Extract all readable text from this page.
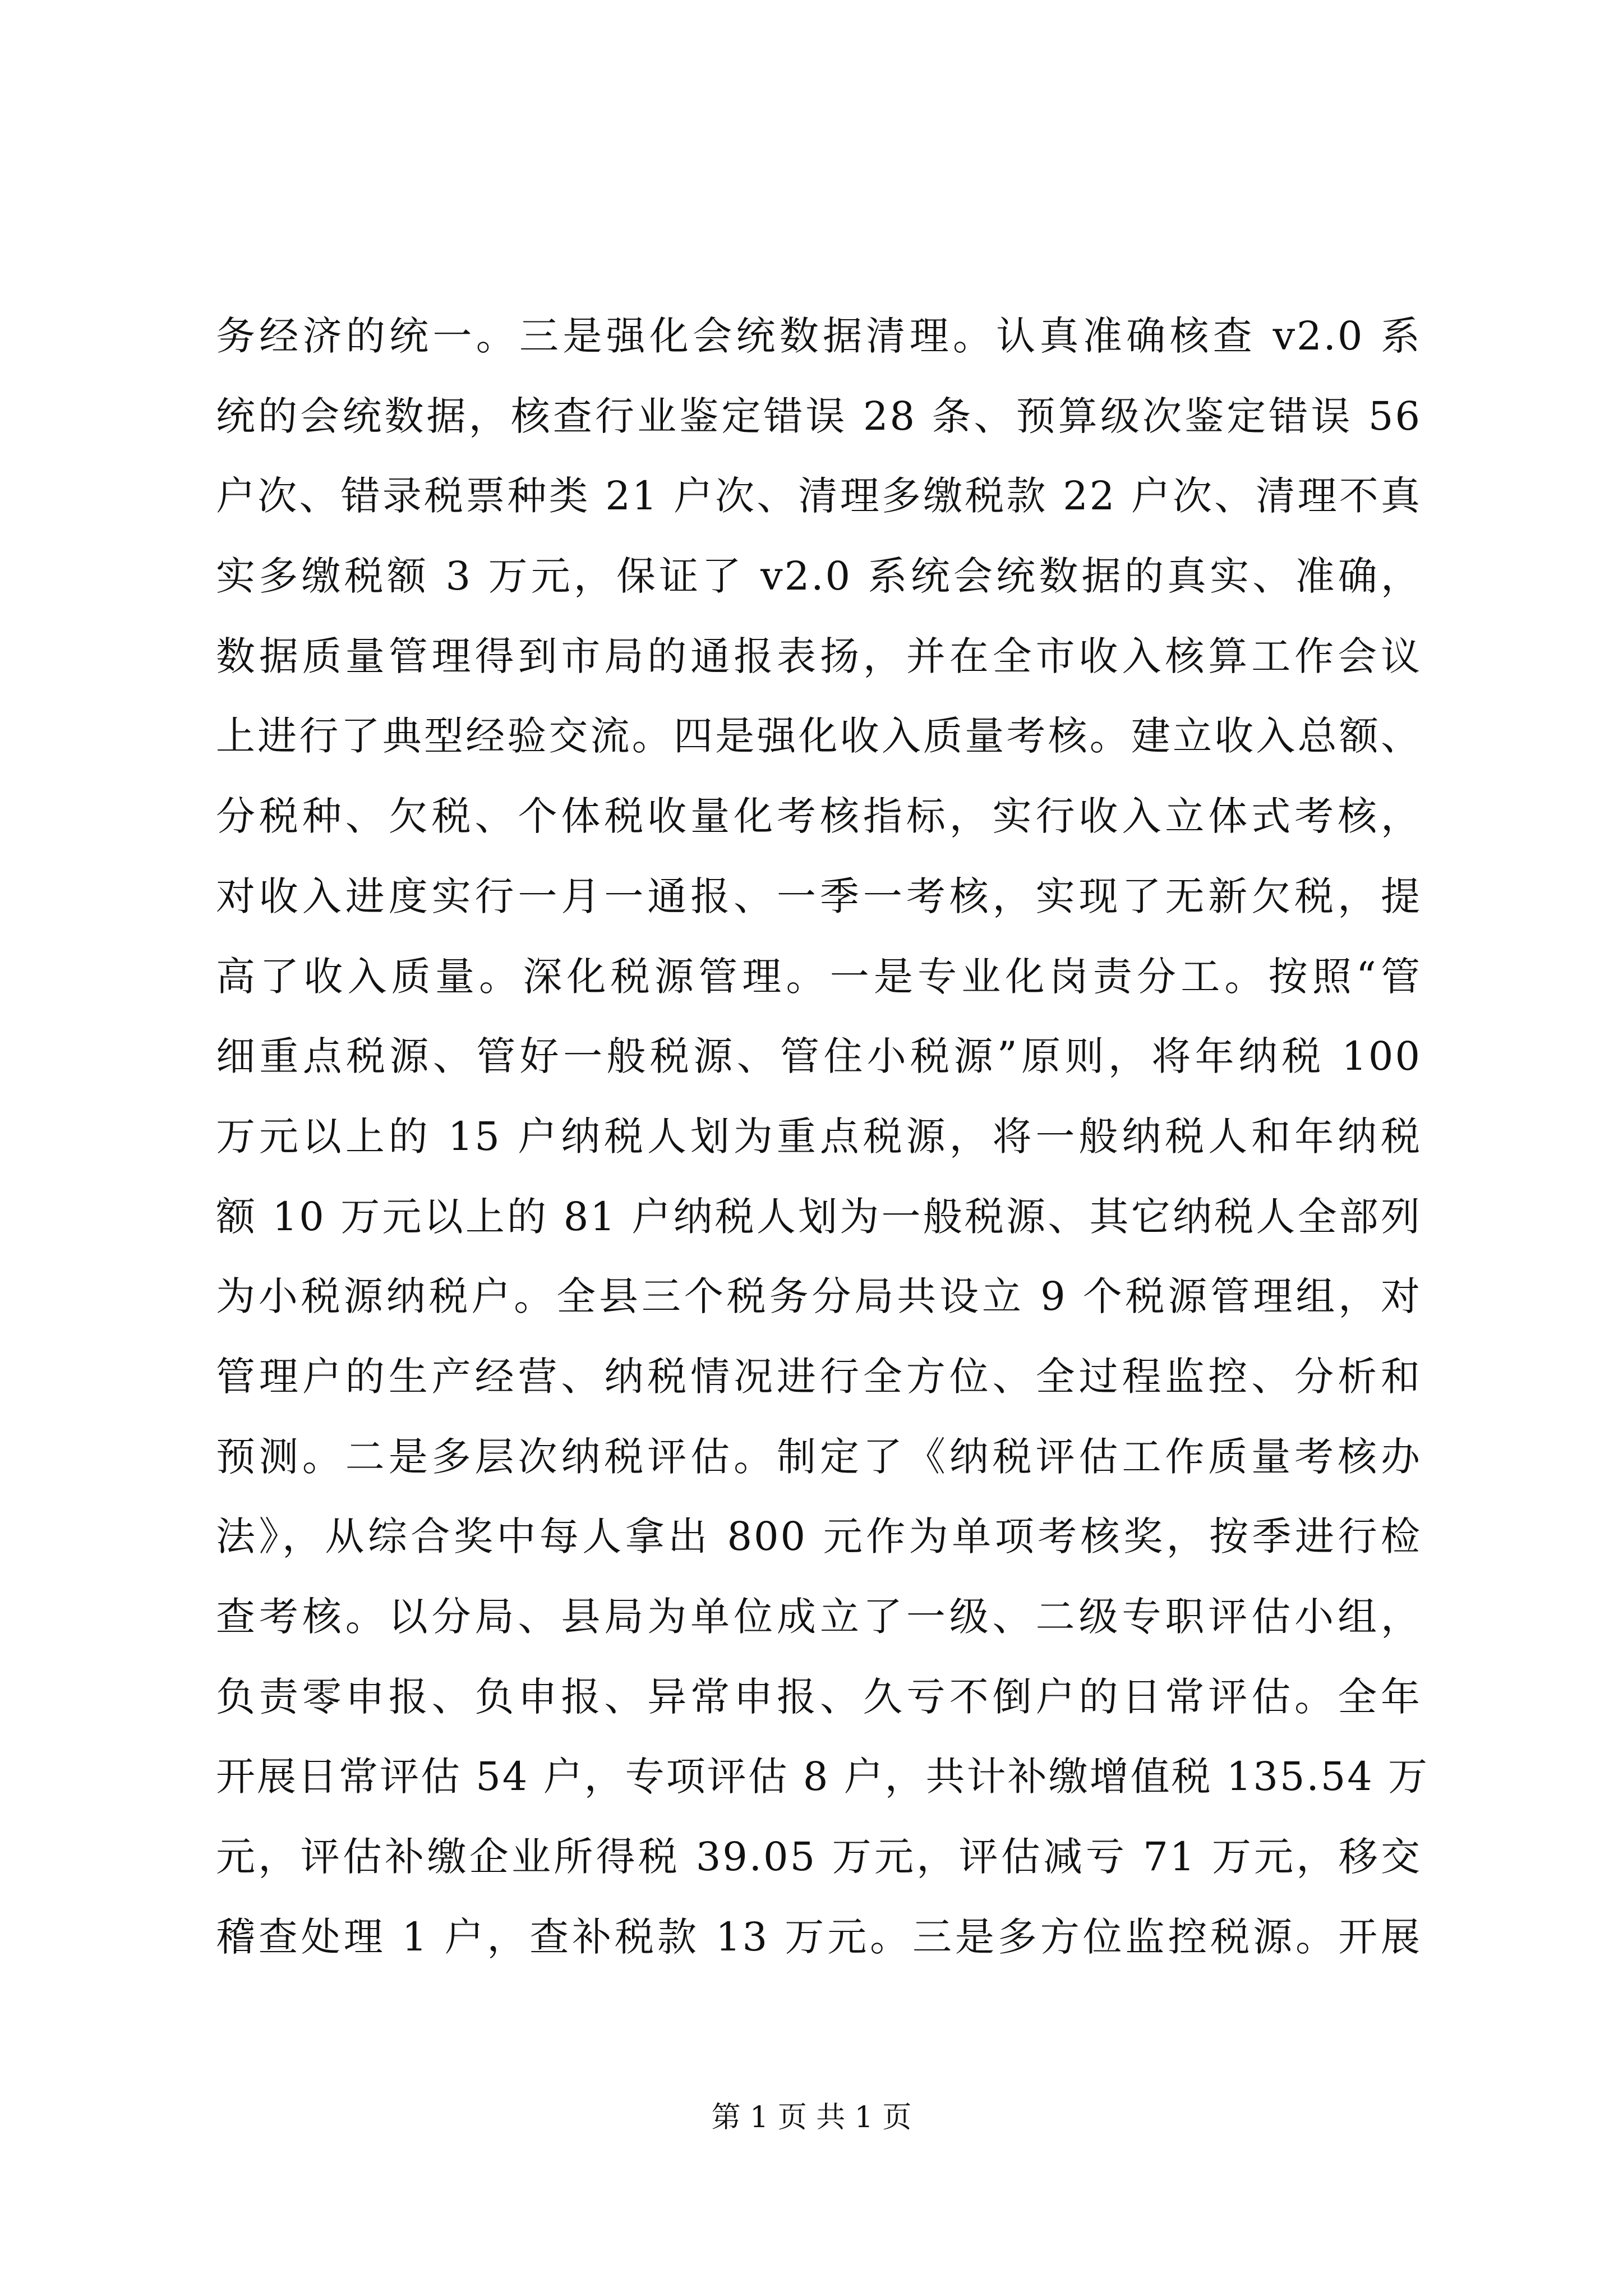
务经济的统一。三是强化会统数据清理。认真准确核查 v2.0 系
统的会统数据，核查行业鉴定错误 28 条、预算级次鉴定错误 56
户次、错录税票种类 21 户次、清理多缴税款 22 户次、清理不真
实多缴税额 3 万元，保证了 v2.0 系统会统数据的真实、准确，
数据质量管理得到市局的通报表扬，并在全市收入核算工作会议
上进行了典型经验交流。四是强化收入质量考核。建立收入总额、
分税种、欠税、个体税收量化考核指标，实行收入立体式考核，
对收入进度实行一月一通报、一季一考核，实现了无新欠税，提
高了收入质量。深化税源管理。一是专业化岗责分工。按照“管
细重点税源、管好一般税源、管住小税源”原则，将年纳税 100
万元以上的 15 户纳税人划为重点税源，将一般纳税人和年纳税
额 10 万元以上的 81 户纳税人划为一般税源、其它纳税人全部列
为小税源纳税户。全县三个税务分局共设立 9 个税源管理组，对
管理户的生产经营、纳税情况进行全方位、全过程监控、分析和
预测。二是多层次纳税评估。制定了《纳税评估工作质量考核办
法》，从综合奖中每人拿出 800 元作为单项考核奖，按季进行检
查考核。以分局、县局为单位成立了一级、二级专职评估小组，
负责零申报、负申报、异常申报、久亏不倒户的日常评估。全年
开展日常评估 54 户，专项评估 8 户，共计补缴增值税 135.54 万
元，评估补缴企业所得税 39.05 万元，评估减亏 71 万元，移交
稽查处理 1 户，查补税款 13 万元。三是多方位监控税源。开展
第 1 页 共 1 页
